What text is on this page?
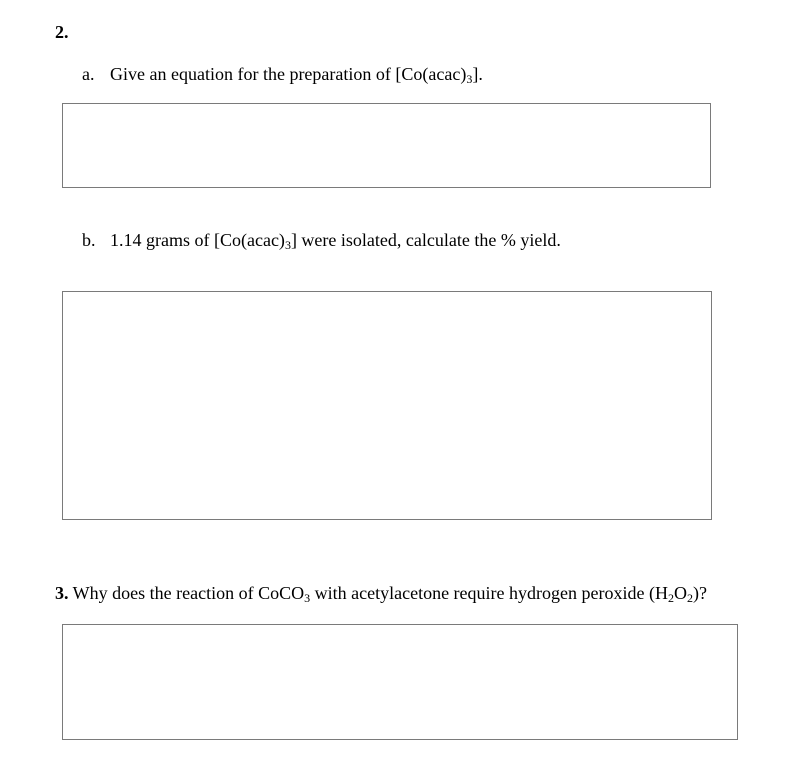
2.
a. Give an equation for the preparation of $[Co(acac)_3]$.
b. 1.14 grams of $[Co(acac)_3]$ were isolated, calculate the % yield.
3. Why does the reaction of CoCO$_3$ with acetylacetone require hydrogen peroxide $(H_2O_2)$?
